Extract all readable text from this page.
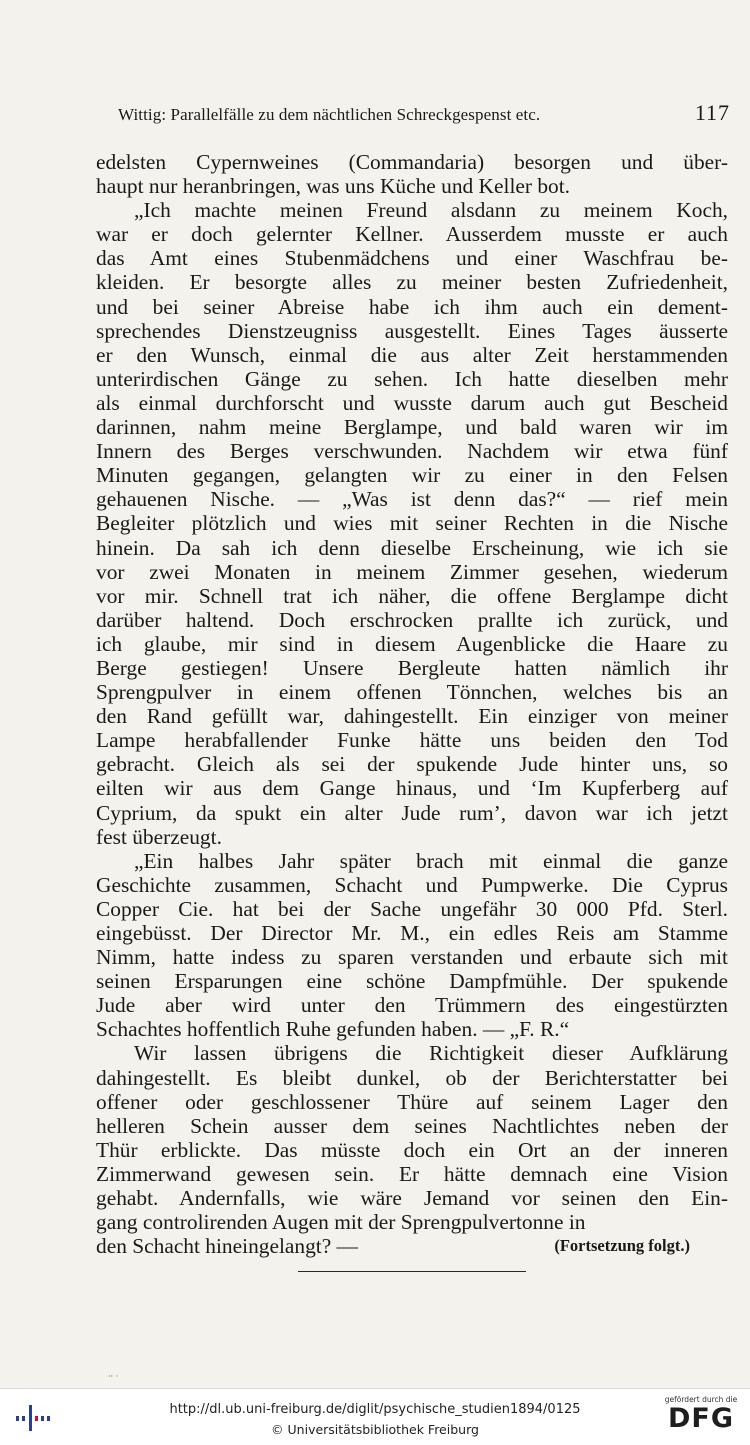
Wittig: Parallelfälle zu dem nächtlichen Schreckgespenst etc.	117

edelsten Cypernweines (Commandaria) besorgen und über-
haupt nur heranbringen, was uns Küche und Keller bot.

„Ich machte meinen Freund alsdann zu meinem Koch,
war er doch gelernter Kellner. Ausserdem musste er auch
das Amt eines Stubenmädchens und einer Waschfrau be-
kleiden. Er besorgte alles zu meiner besten Zufriedenheit,
und bei seiner Abreise habe ich ihm auch ein dement-
sprechendes Dienstzeugniss ausgestellt. Eines Tages äusserte
er den Wunsch, einmal die aus alter Zeit herstammenden
unterirdischen Gänge zu sehen. Ich hatte dieselben mehr
als einmal durchforscht und wusste darum auch gut Bescheid
darinnen, nahm meine Berglampe, und bald waren wir im
Innern des Berges verschwunden. Nachdem wir etwa fünf
Minuten gegangen, gelangten wir zu einer in den Felsen
gehauenen Nische. — „Was ist denn das?“ — rief mein
Begleiter plötzlich und wies mit seiner Rechten in die Nische
hinein. Da sah ich denn dieselbe Erscheinung, wie ich sie
vor zwei Monaten in meinem Zimmer gesehen, wiederum
vor mir. Schnell trat ich näher, die offene Berglampe dicht
darüber haltend. Doch erschrocken prallte ich zurück, und
ich glaube, mir sind in diesem Augenblicke die Haare zu
Berge gestiegen! Unsere Bergleute hatten nämlich ihr
Sprengpulver in einem offenen Tönnchen, welches bis an
den Rand gefüllt war, dahingestellt. Ein einziger von meiner
Lampe herabfallender Funke hätte uns beiden den Tod
gebracht. Gleich als sei der spukende Jude hinter uns, so
eilten wir aus dem Gange hinaus, und ‘Im Kupferberg auf
Cyprium, da spukt ein alter Jude rum’, davon war ich jetzt
fest überzeugt.

„Ein halbes Jahr später brach mit einmal die ganze
Geschichte zusammen, Schacht und Pumpwerke. Die Cyprus
Copper Cie. hat bei der Sache ungefähr 30 000 Pfd. Sterl.
eingebüsst. Der Director Mr. M., ein edles Reis am Stamme
Nimm, hatte indess zu sparen verstanden und erbaute sich mit
seinen Ersparungen eine schöne Dampfmühle. Der spukende
Jude aber wird unter den Trümmern des eingestürzten
Schachtes hoffentlich Ruhe gefunden haben. — „F. R.“

Wir lassen übrigens die Richtigkeit dieser Aufklärung
dahingestellt. Es bleibt dunkel, ob der Berichterstatter bei
offener oder geschlossener Thüre auf seinem Lager den
helleren Schein ausser dem seines Nachtlichtes neben der
Thür erblickte. Das müsste doch ein Ort an der inneren
Zimmerwand gewesen sein. Er hätte demnach eine Vision
gehabt. Andernfalls, wie wäre Jemand vor seinen den Ein-
gang controlirenden Augen mit der Sprengpulvertonne in

den Schacht hineingelangt? —	(Fortsetzung folgt.)
·· ·
http://dl.ub.uni-freiburg.de/diglit/psychische_studien1894/0125
© Universitätsbibliothek Freiburg
gefördert durch die
DFG
